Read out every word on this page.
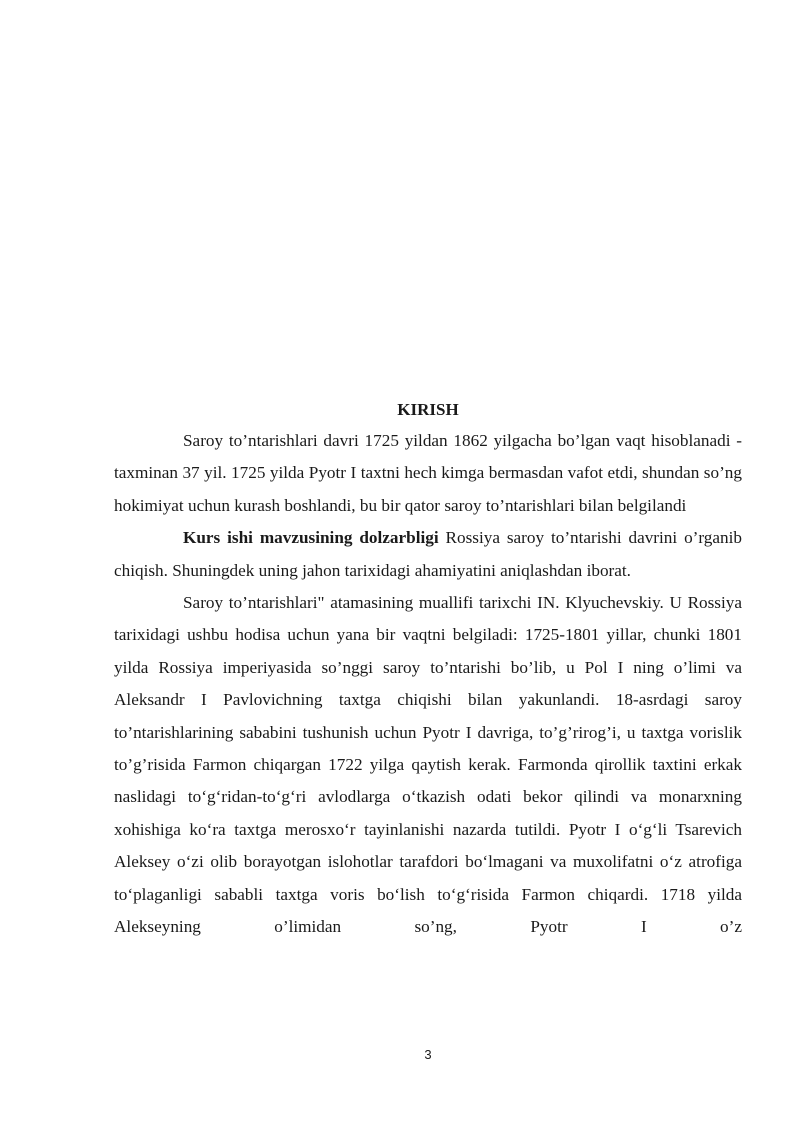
KIRISH

Saroy to’ntarishlari davri 1725 yildan 1862 yilgacha bo’lgan vaqt hisoblanadi - taxminan 37 yil. 1725 yilda Pyotr I taxtni hech kimga bermasdan vafot etdi, shundan so’ng hokimiyat uchun kurash boshlandi, bu bir qator saroy to’ntarishlari bilan belgilandi

Kurs ishi mavzusining dolzarbligi Rossiya saroy to’ntarishi davrini o’rganib chiqish. Shuningdek uning jahon tarixidagi ahamiyatini aniqlashdan iborat.

Saroy to’ntarishlari" atamasining muallifi tarixchi IN. Klyuchevskiy. U Rossiya tarixidagi ushbu hodisa uchun yana bir vaqtni belgiladi: 1725-1801 yillar, chunki 1801 yilda Rossiya imperiyasida so’nggi saroy to’ntarishi bo’lib, u Pol I ning o’limi va Aleksandr I Pavlovichning taxtga chiqishi bilan yakunlandi. 18-asrdagi saroy to’ntarishlarining sababini tushunish uchun Pyotr I davriga, to’g’rirog’i, u taxtga vorislik to’g’risida Farmon chiqargan 1722 yilga qaytish kerak. Farmonda qirollik taxtini erkak naslidagi to‘g‘ridan-to‘g‘ri avlodlarga o‘tkazish odati bekor qilindi va monarxning xohishiga ko‘ra taxtga merosxo‘r tayinlanishi nazarda tutildi. Pyotr I o‘g‘li Tsarevich Aleksey o‘zi olib borayotgan islohotlar tarafdori bo‘lmagani va muxolifatni o‘z atrofiga to‘plaganligi sababli taxtga voris bo‘lish to‘g‘risida Farmon chiqardi. 1718 yilda Alekseyning o’limidan so’ng, Pyotr I o’z

3
